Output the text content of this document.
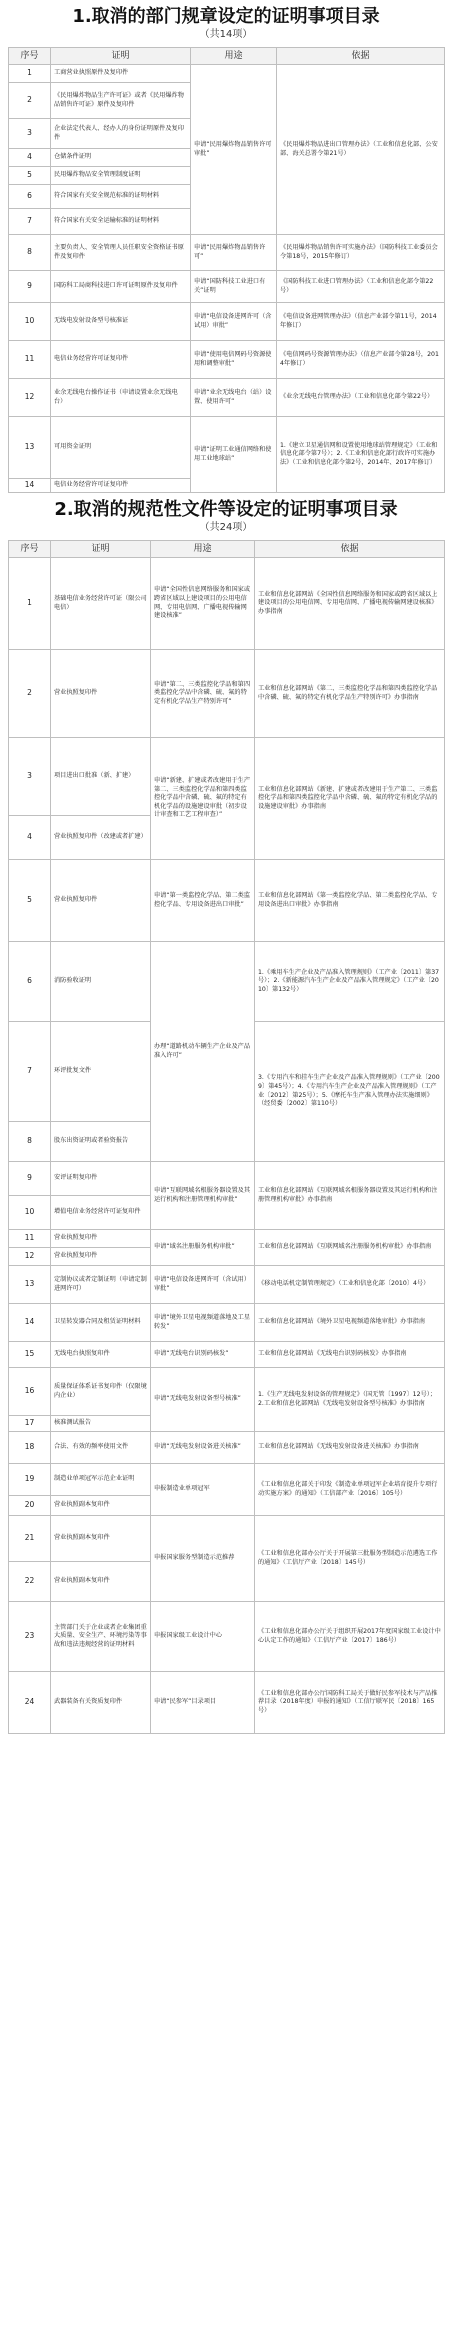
1.取消的部门规章设定的证明事项目录
（共14项）
序号	证明	用途	依据
1	工商营业执照原件及复印件	申请“民用爆炸物品销售许可审批”	《民用爆炸物品进出口管理办法》（工业和信息化部、公安部、海关总署令第21号）
2	《民用爆炸物品生产许可证》或者《民用爆炸物品销售许可证》原件及复印件		
3	企业法定代表人、经办人的身份证明原件及复印件		
4	仓储条件证明		
5	民用爆炸物品安全管理制度证明		
6	符合国家有关安全规范标准的证明材料		
7	符合国家有关安全运输标准的证明材料		
8	主要负责人、安全管理人员任职安全资格证书原件及复印件	申请“民用爆炸物品销售许可”	《民用爆炸物品销售许可实施办法》（国防科技工业委员会令第18号，2015年修订）
9	国防科工局商科技进口许可证明原件及复印件	申请“国防科技工业进口有关”证明	《国防科技工业进口管理办法》（工业和信息化部令第22号）
10	无线电发射设备型号核准证	申请“电信设备进网许可（含试用）审批”	《电信设备进网管理办法》（信息产业部令第11号，2014年修订）
11	电信业务经营许可证复印件	申请“使用电信网码号资源使用和调整审批”	《电信网码号资源管理办法》（信息产业部令第28号，2014年修订）
12	业余无线电台操作证书（申请设置业余无线电台）	申请“业余无线电台（站）设置、使用许可”	《业余无线电台管理办法》（工业和信息化部令第22号）
13	可用资金证明	申请“证明工业通信网络和使用工业地球站”	1.《建立卫星通信网和设置使用地球站管理规定》（工业和信息化部令第7号）；2.《工业和信息化部行政许可实施办法》（工业和信息化部令第2号，2014年、2017年修订）
14	电信业务经营许可证复印件		
2.取消的规范性文件等设定的证明事项目录
（共24项）
序号	证明	用途	依据
1	基础电信业务经营许可证（限公司电信）	申请“全国性信息网络服务和国家或跨省区域以上建设项目的公用电信网、专用电信网、广播电视传输网建设核准”	工业和信息化部网站《全国性信息网络服务和国家或跨省区域以上建设项目的公用电信网、专用电信网、广播电视传输网建设核准》办事指南
2	营业执照复印件	申请“第二、三类监控化学品和第四类监控化学品中含磷、硫、氟的特定有机化学品生产特别许可”	工业和信息化部网站《第二、三类监控化学品和第四类监控化学品中含磷、硫、氟的特定有机化学品生产特别许可》办事指南
3	项目进出口批准（新、扩建）	申请“新建、扩建或者改建用于生产第二、三类监控化学品和第四类监控化学品中含磷、硫、氟的特定有机化学品的设施建设审批（初步设计审查和工艺工程审查）”	工业和信息化部网站《新建、扩建或者改建用于生产第二、三类监控化学品和第四类监控化学品中含磷、硫、氟的特定有机化学品的设施建设审批》办事指南
4	营业执照复印件（改建或者扩建）		
5	营业执照复印件	申请“第一类监控化学品、第二类监控化学品、专用设备进出口审批”	工业和信息化部网站《第一类监控化学品、第二类监控化学品、专用设备进出口审批》办事指南
6	消防验收证明	办理“道路机动车辆生产企业及产品准入许可”	1.《乘用车生产企业及产品准入管理规则》（工产业〔2011〕第37号）；2.《新能源汽车生产企业及产品准入管理规定》（工产业〔2010〕第132号）
7	环评批复文件		3.《专用汽车和挂车生产企业及产品准入管理规则》（工产业〔2009〕第45号）；4.《专用汽车生产企业及产品准入管理规则》（工产业〔2012〕第25号）；5.《摩托车生产准入管理办法实施细则》（经贸委〔2002〕第110号）
8	股东出资证明或者验资报告		
9	安评证明复印件	申请“互联网域名根服务器设置及其运行机构和注册管理机构审批”	工业和信息化部网站《互联网域名根服务器设置及其运行机构和注册管理机构审批》办事指南
10	增值电信业务经营许可证复印件		
11	营业执照复印件	申请“域名注册服务机构审批”	工业和信息化部网站《互联网域名注册服务机构审批》办事指南
12	营业执照复印件		
13	定制协议或者定制证明（申请定制进网许可）	申请“电信设备进网许可（含试用）审批”	《移动电话机定制管理规定》（工业和信息化部〔2010〕4号）
14	卫星转发器合同及租赁证明材料	申请“境外卫星电视频道落地及工星转发”	工业和信息化部网站《境外卫星电视频道落地审批》办事指南
15	无线电台执照复印件	申请“无线电台识别码核发”	工业和信息化部网站《无线电台识别码核发》办事指南
16	质量保证体系证书复印件（仅限境内企业）	申请“无线电发射设备型号核准”	1.《生产无线电发射设备的管理规定》（国无管〔1997〕12号）；2.工业和信息化部网站《无线电发射设备型号核准》办事指南
17	核准测试报告		
18	合法、有效的频率使用文件	申请“无线电发射设备进关核准”	工业和信息化部网站《无线电发射设备进关核准》办事指南
19	制造业单项冠军示范企业证明	申报制造业单项冠军	《工业和信息化部关于印发《制造业单项冠军企业培育提升专项行动实施方案》的通知》（工信部产业〔2016〕105号）
20	营业执照副本复印件		
21	营业执照副本复印件	申报国家服务型制造示范推荐	《工业和信息化部办公厅关于开展第三批服务型制造示范遴选工作的通知》（工信厅产业〔2018〕145号）
22	营业执照副本复印件		
23	主管部门关于企业或者企业集团重大质量、安全生产、环境污染等事故和违法违规经营的证明材料	申报国家级工业设计中心	《工业和信息化部办公厅关于组织开展2017年度国家级工业设计中心认定工作的通知》（工信厅产业〔2017〕186号）
24	武器装备有关资质复印件	申请“民参军”目录项目	《工业和信息化部办公厅国防科工局关于做好民参军技术与产品推荐目录（2018年度）申报的通知》（工信厅联军民〔2018〕165号）
